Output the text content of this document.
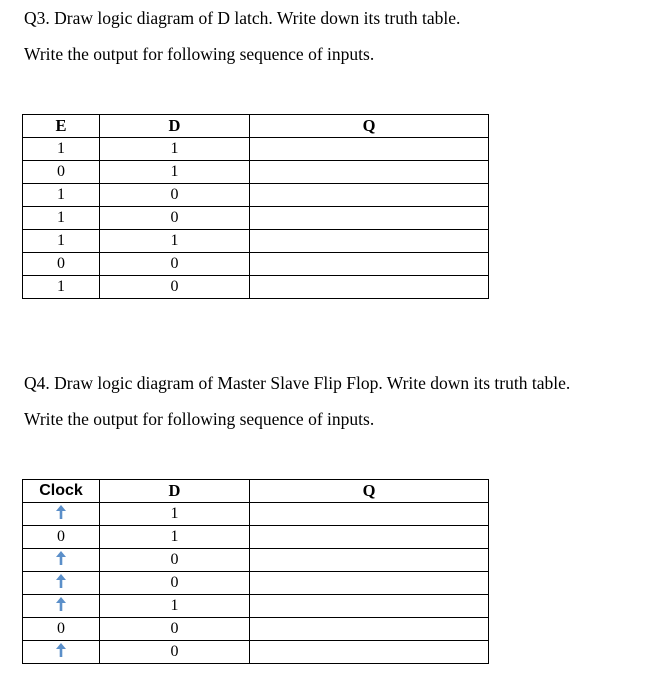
Q3. Draw logic diagram of D latch. Write down its truth table.

Write the output for following sequence of inputs.

E	D	Q
1	1	
0	1	
1	0	
1	0	
1	1	
0	0	
1	0	

Q4. Draw logic diagram of Master Slave Flip Flop. Write down its truth table.

Write the output for following sequence of inputs.

Clock	D	Q
	1	
0	1	
	0	
	0	
	1	
0	0	
	0	
